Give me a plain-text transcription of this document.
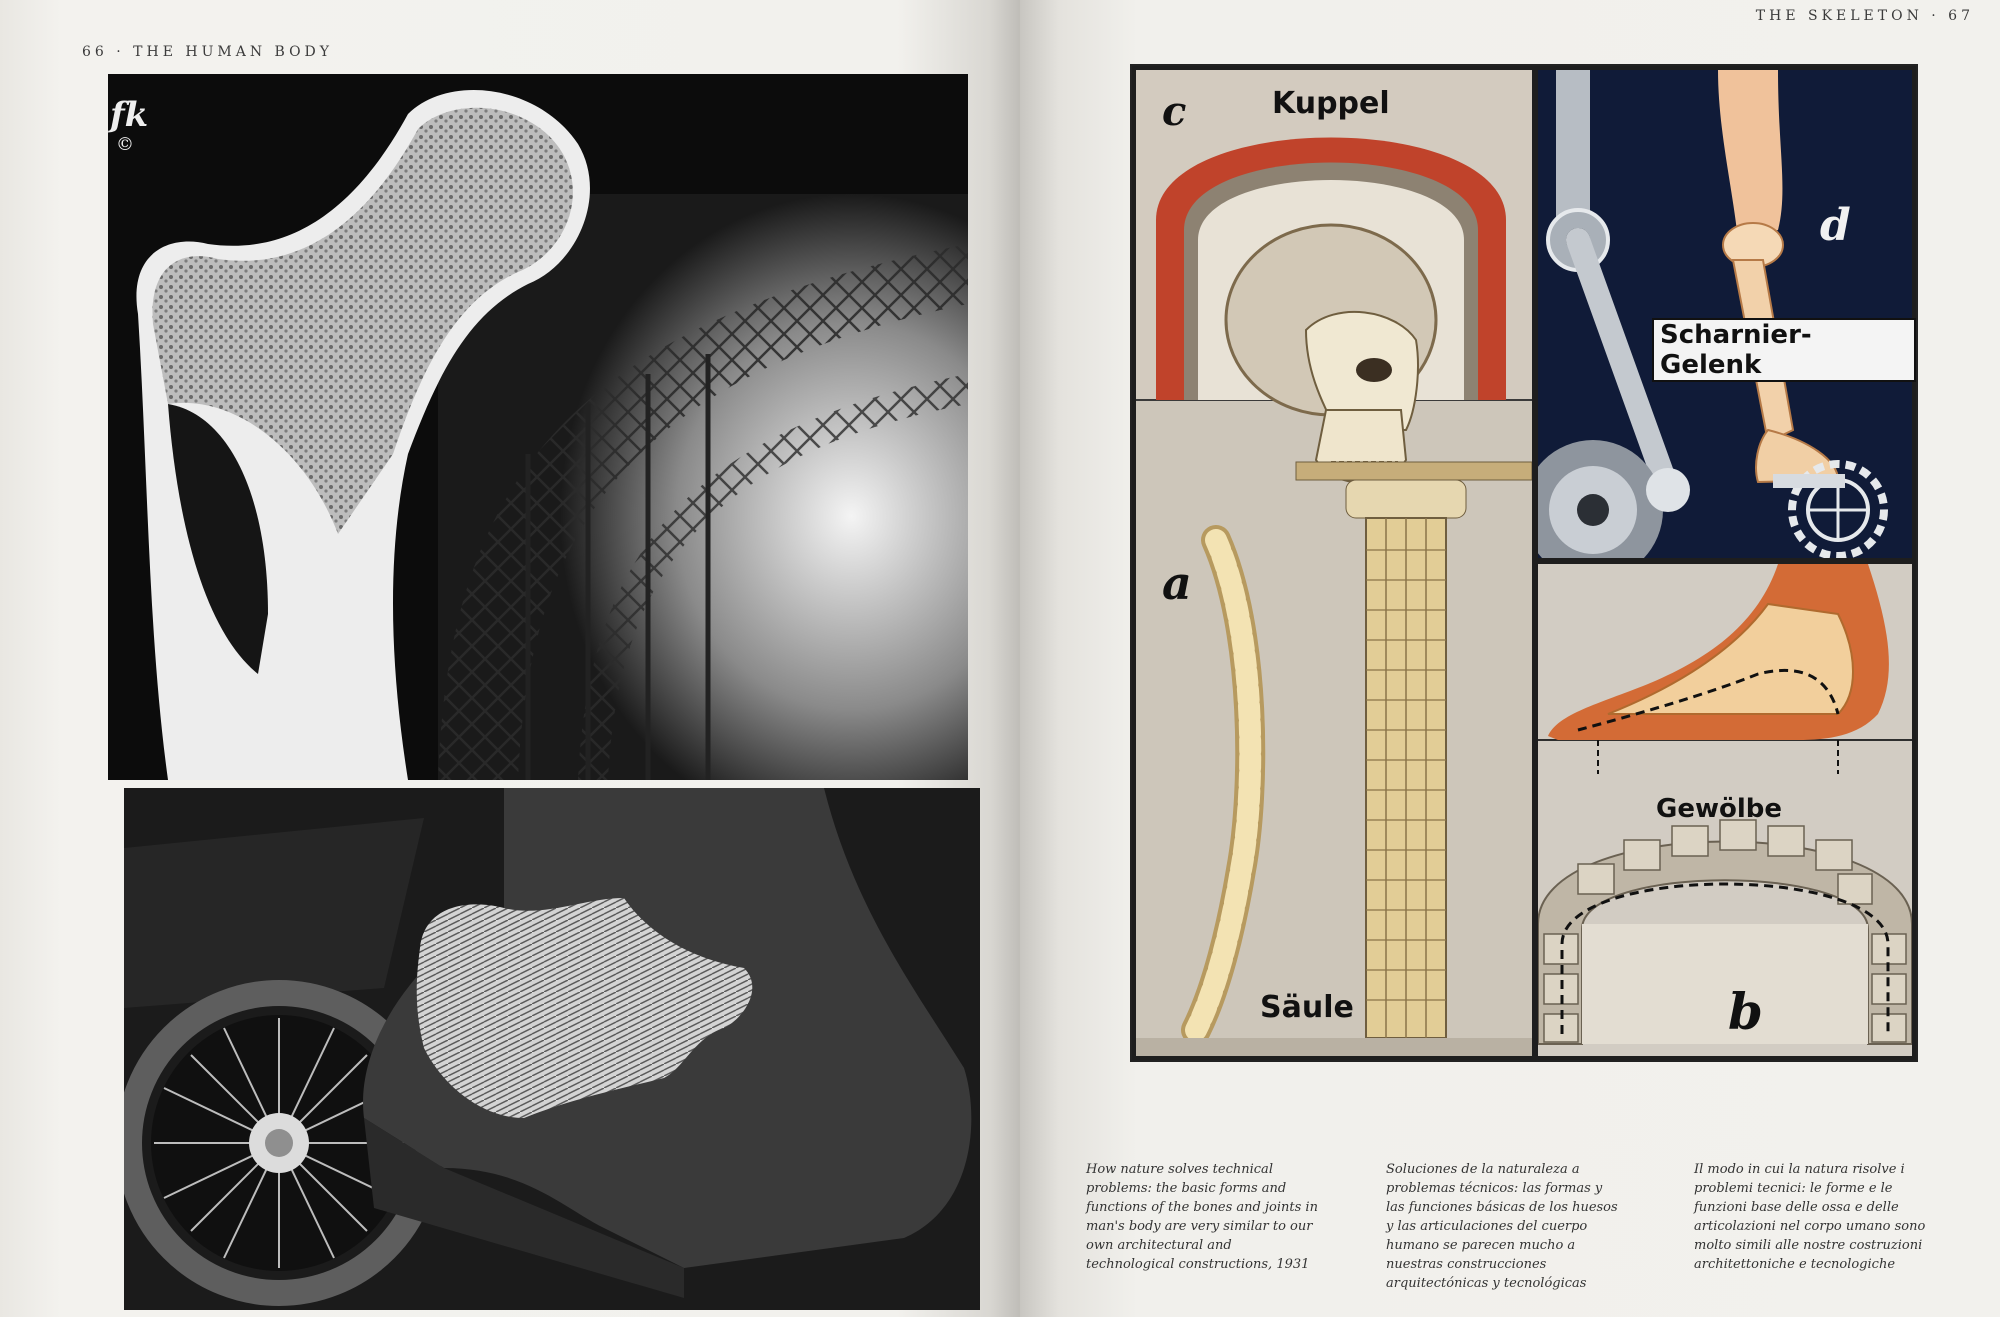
66 · THE HUMAN BODY
fk
©
THE SKELETON · 67
c	Kuppel
a
Säule
d
Scharnier-Gelenk
Gewölbe
b
How nature solves technical problems: the basic forms and functions of the bones and joints in man's body are very similar to our own architectural and technological constructions, 1931
Soluciones de la naturaleza a problemas técnicos: las formas y las funciones básicas de los huesos y las articulaciones del cuerpo humano se parecen mucho a nuestras construcciones arquitectónicas y tecnológicas
Il modo in cui la natura risolve i problemi tecnici: le forme e le funzioni base delle ossa e delle articolazioni nel corpo umano sono molto simili alle nostre costruzioni architettoniche e tecnologiche
